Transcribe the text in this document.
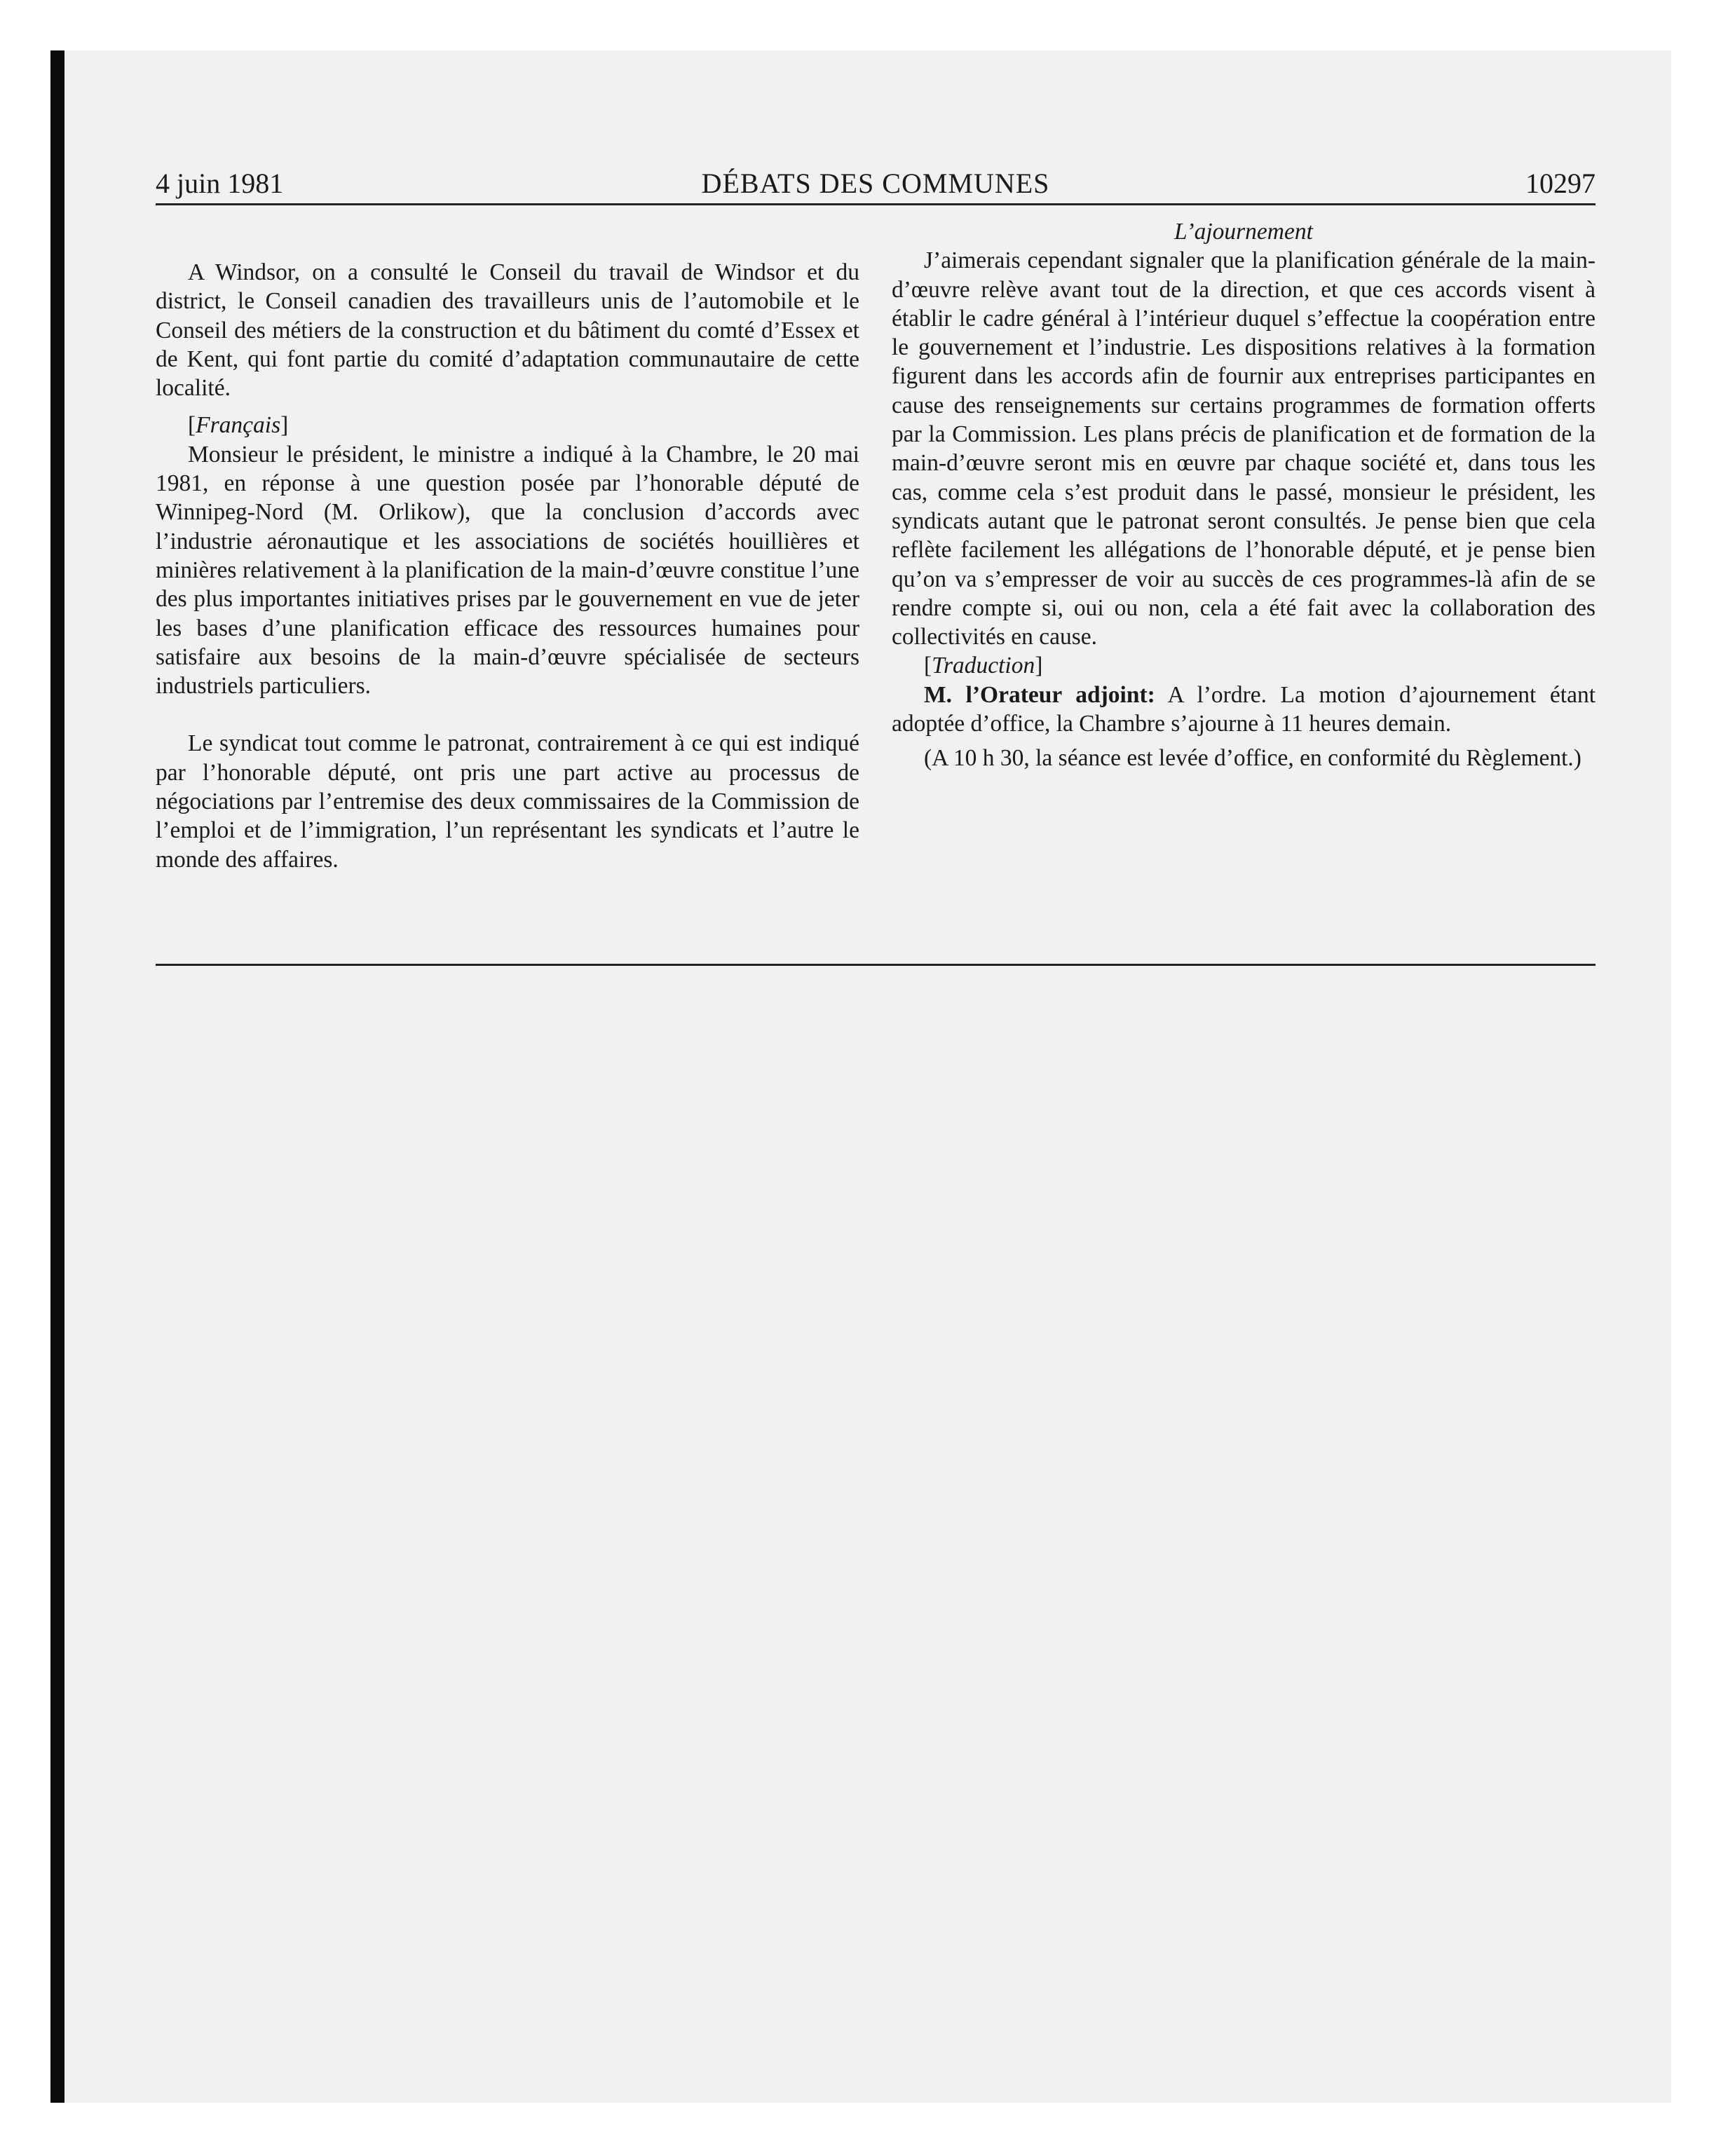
4 juin 1981	DÉBATS DES COMMUNES	10297

A Windsor, on a consulté le Conseil du travail de Windsor et du district, le Conseil canadien des travailleurs unis de l’automobile et le Conseil des métiers de la construction et du bâtiment du comté d’Essex et de Kent, qui font partie du comité d’adaptation communautaire de cette localité.

[Français]

Monsieur le président, le ministre a indiqué à la Chambre, le 20 mai 1981, en réponse à une question posée par l’honorable député de Winnipeg-Nord (M. Orlikow), que la conclusion d’accords avec l’industrie aéronautique et les associations de sociétés houillières et minières relativement à la planification de la main-d’œuvre constitue l’une des plus importantes initiatives prises par le gouvernement en vue de jeter les bases d’une planification efficace des ressources humaines pour satisfaire aux besoins de la main-d’œuvre spécialisée de secteurs industriels particuliers.

Le syndicat tout comme le patronat, contrairement à ce qui est indiqué par l’honorable député, ont pris une part active au processus de négociations par l’entremise des deux commissaires de la Commission de l’emploi et de l’immigration, l’un représentant les syndicats et l’autre le monde des affaires.

L’ajournement

J’aimerais cependant signaler que la planification générale de la main-d’œuvre relève avant tout de la direction, et que ces accords visent à établir le cadre général à l’intérieur duquel s’effectue la coopération entre le gouvernement et l’industrie. Les dispositions relatives à la formation figurent dans les accords afin de fournir aux entreprises participantes en cause des renseignements sur certains programmes de formation offerts par la Commission. Les plans précis de planification et de formation de la main-d’œuvre seront mis en œuvre par chaque société et, dans tous les cas, comme cela s’est produit dans le passé, monsieur le président, les syndicats autant que le patronat seront consultés. Je pense bien que cela reflète facilement les allégations de l’honorable député, et je pense bien qu’on va s’empresser de voir au succès de ces programmes-là afin de se rendre compte si, oui ou non, cela a été fait avec la collaboration des collectivités en cause.

[Traduction]

M. l’Orateur adjoint: A l’ordre. La motion d’ajournement étant adoptée d’office, la Chambre s’ajourne à 11 heures demain.

(A 10 h 30, la séance est levée d’office, en conformité du Règlement.)
